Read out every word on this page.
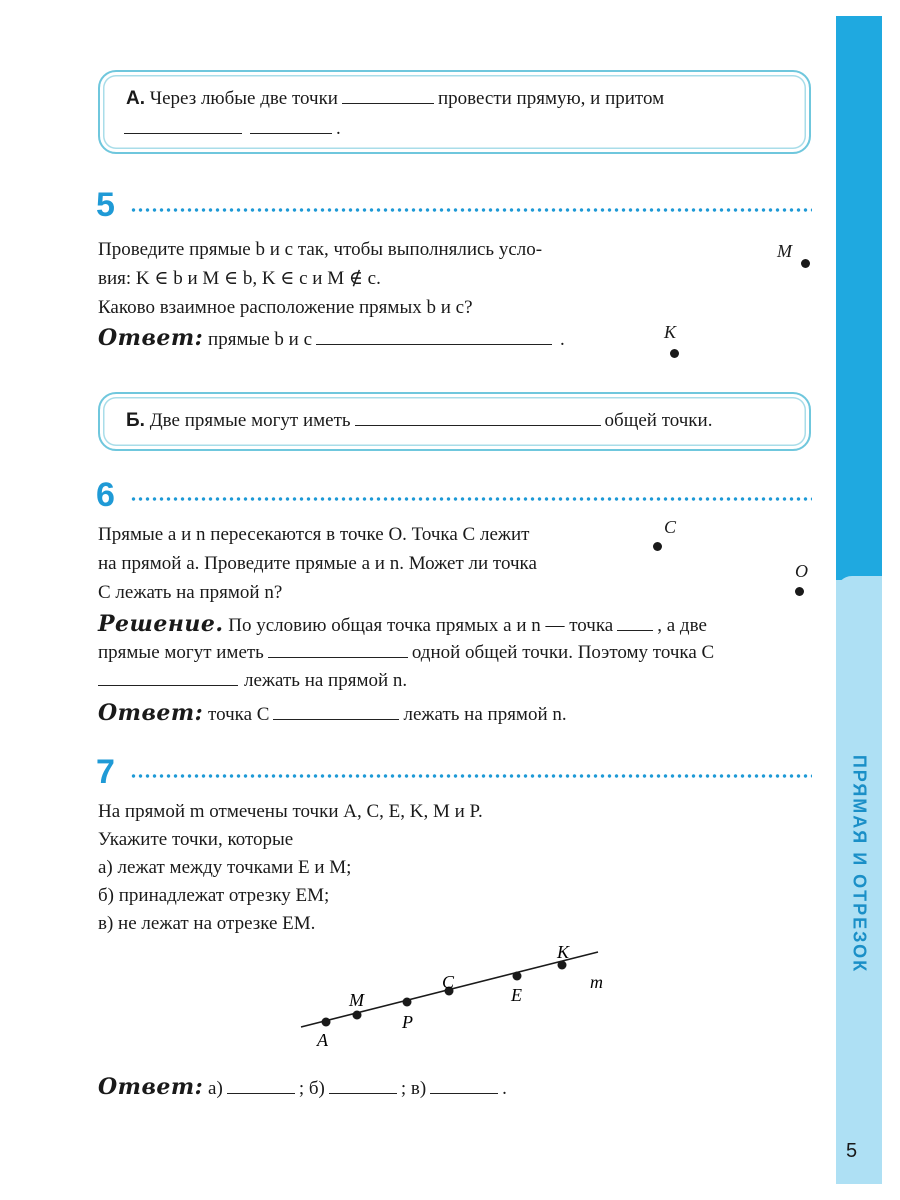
ПРЯМАЯ И ОТРЕЗОК
5
А. Через любые две точки	провести прямую, и притом
.
5
Проведите прямые b и c так, чтобы выполнялись усло-
вия: K ∈ b и M ∈ b, K ∈ c и M ∉ c.
Каково взаимное расположение прямых b и c?
Ответ: прямые b и c	.
M
K
Б. Две прямые могут иметь	общей точки.
6
Прямые a и n пересекаются в точке O. Точка C лежит
на прямой a. Проведите прямые a и n. Может ли точка
C лежать на прямой n?
C
O
Решение. По условию общая точка прямых a и n — точка , а две
прямые могут иметь	одной общей точки. Поэтому точка C
лежать на прямой n.
Ответ: точка C	лежать на прямой n.
7
На прямой m отмечены точки A, C, E, K, M и P.
Укажите точки, которые
а) лежат между точками E и M;
б) принадлежат отрезку EM;
в) не лежат на отрезке EM.
A
M
P
C
E
K
m
Ответ: а)	; б)	; в)	.
